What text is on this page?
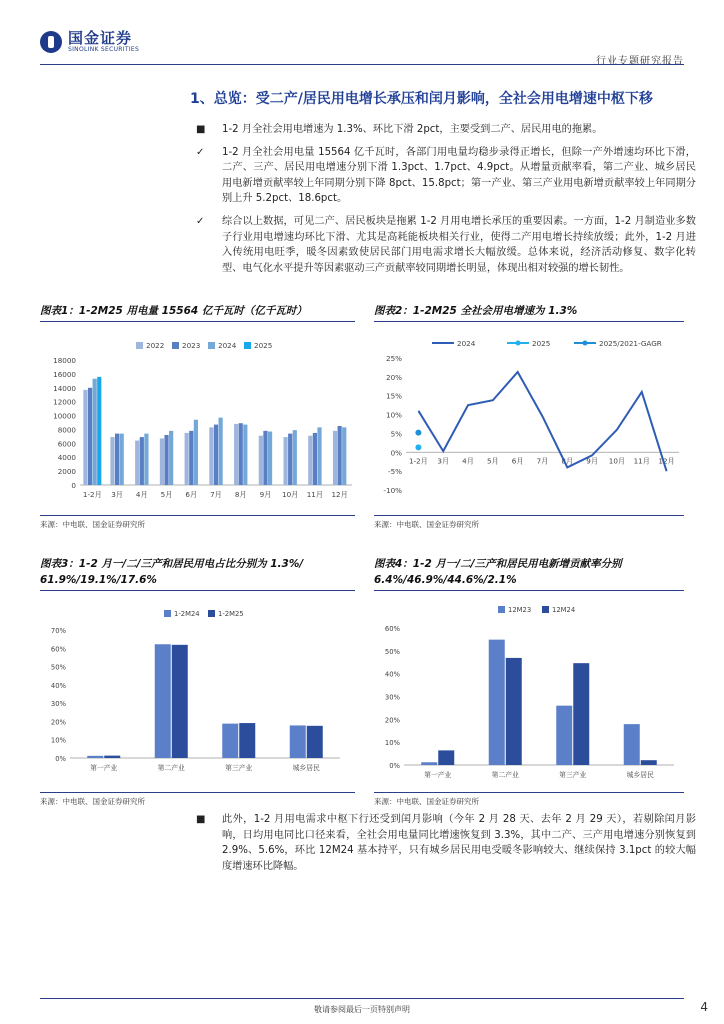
国金证券
SINOLINK SECURITIES
行业专题研究报告
1、总览：受二产/居民用电增长承压和闰月影响，全社会用电增速中枢下移
■ 1-2 月全社会用电增速为 1.3%、环比下滑 2pct，主要受到二产、居民用电的拖累。
✓ 1-2 月全社会用电量 15564 亿千瓦时，各部门用电量均稳步录得正增长，但除一产外增速均环比下滑，二产、三产、居民用电增速分别下滑 1.3pct、1.7pct、4.9pct。从增量贡献率看，第二产业、城乡居民用电新增贡献率较上年同期分别下降 8pct、15.8pct；第一产业、第三产业用电新增贡献率较上年同期分别上升 5.2pct、18.6pct。
✓ 综合以上数据，可见二产、居民板块是拖累 1-2 月用电增长承压的重要因素。一方面，1-2 月制造业多数子行业用电增速均环比下滑、尤其是高耗能板块相关行业，使得二产用电增长持续放缓；此外，1-2 月进入传统用电旺季，暖冬因素致使居民部门用电需求增长大幅放缓。总体来说，经济活动修复、数字化转型、电气化水平提升等因素驱动三产贡献率较同期增长明显，体现出相对较强的增长韧性。
图表1：1-2M25 用电量 15564 亿千瓦时（亿千瓦时）
0
2000
4000
6000
8000
10000
12000
14000
16000
18000
1-2月 3月 4月 5月 6月 7月 8月 9月 10月 11月 12月
2022 2023 2024 2025
来源：中电联、国金证券研究所
图表2：1-2M25 全社会用电增速为 1.3%
-10%
-5%
0%
5%
10%
15%
20%
25%
1-2月 3月 4月 5月 6月 7月 8月 9月 10月 11月 12月
2024	2025	2025/2021-GAGR
来源：中电联、国金证券研究所
图表3：1-2 月一/二/三产和居民用电占比分别为 1.3%/
61.9%/19.1%/17.6%
0%
10%
20%
30%
40%
50%
60%
70%
第一产业	第二产业	第三产业	城乡居民
1-2M24	1-2M25
来源：中电联、国金证券研究所
图表4：1-2 月一/二/三产和居民用电新增贡献率分别
6.4%/46.9%/44.6%/2.1%
0%
10%
20%
30%
40%
50%
60%
第一产业	第二产业	第三产业	城乡居民
12M23	12M24
来源：中电联、国金证券研究所
■ 此外，1-2 月用电需求中枢下行还受到闰月影响（今年 2 月 28 天、去年 2 月 29 天），若剔除闰月影响，日均用电同比口径来看，全社会用电量同比增速恢复到 3.3%，其中二产、三产用电增速分别恢复到 2.9%、5.6%，环比 12M24 基本持平，只有城乡居民用电受暖冬影响较大、继续保持 3.1pct 的较大幅度增速环比降幅。
敬请参阅最后一页特别声明	4
